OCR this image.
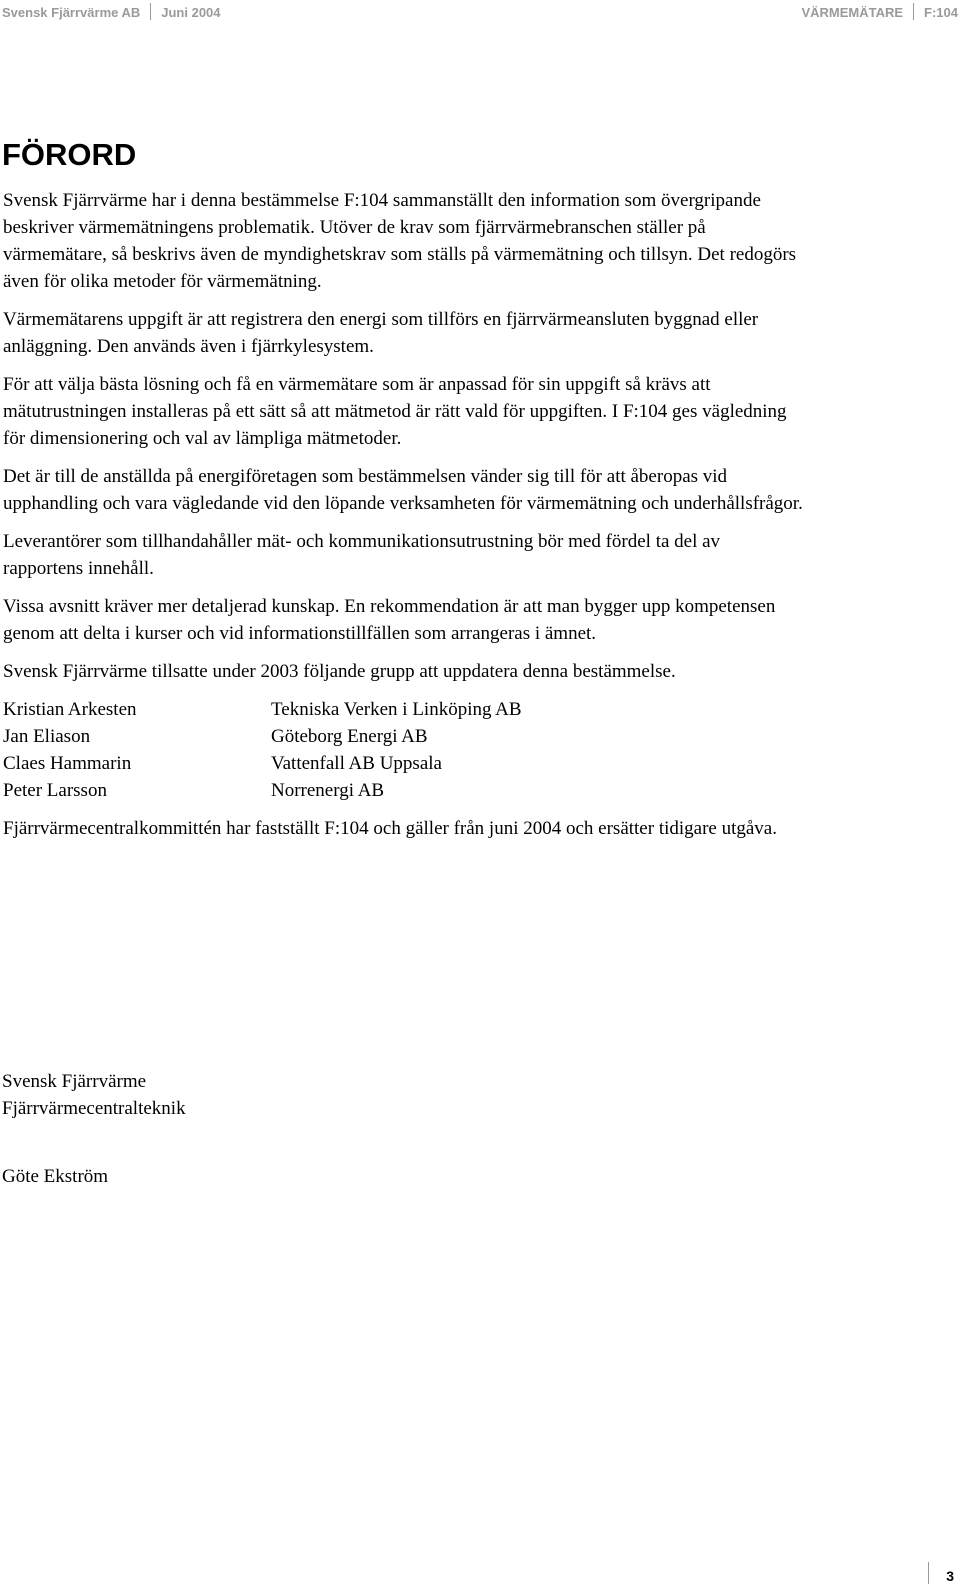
Svensk Fjärrvärme AB Juni 2004	VÄRMEMÄTARE F:104
FÖRORD

Svensk Fjärrvärme har i denna bestämmelse F:104 sammanställt den information som övergripande beskriver värmemätningens problematik. Utöver de krav som fjärrvärmebranschen ställer på värmemätare, så beskrivs även de myndighetskrav som ställs på värmemätning och tillsyn. Det redogörs även för olika metoder för värmemätning.

Värmemätarens uppgift är att registrera den energi som tillförs en fjärrvärmeansluten byggnad eller anläggning. Den används även i fjärrkylesystem.

För att välja bästa lösning och få en värmemätare som är anpassad för sin uppgift så krävs att mätutrustningen installeras på ett sätt så att mätmetod är rätt vald för uppgiften. I F:104 ges vägledning för dimensionering och val av lämpliga mätmetoder.

Det är till de anställda på energiföretagen som bestämmelsen vänder sig till för att åberopas vid upphandling och vara vägledande vid den löpande verksamheten för värmemätning och underhållsfrågor.

Leverantörer som tillhandahåller mät- och kommunikationsutrustning bör med fördel ta del av rapportens innehåll.

Vissa avsnitt kräver mer detaljerad kunskap. En rekommendation är att man bygger upp kompetensen genom att delta i kurser och vid informationstillfällen som arrangeras i ämnet.

Svensk Fjärrvärme tillsatte under 2003 följande grupp att uppdatera denna bestämmelse.

Kristian Arkesten	Tekniska Verken i Linköping AB
Jan Eliason	Göteborg Energi AB
Claes Hammarin	Vattenfall AB Uppsala
Peter Larsson	Norrenergi AB

Fjärrvärmecentralkommittén har fastställt F:104 och gäller från juni 2004 och ersätter tidigare utgåva.

Svensk Fjärrvärme
Fjärrvärmecentralteknik
Göte Ekström
3
